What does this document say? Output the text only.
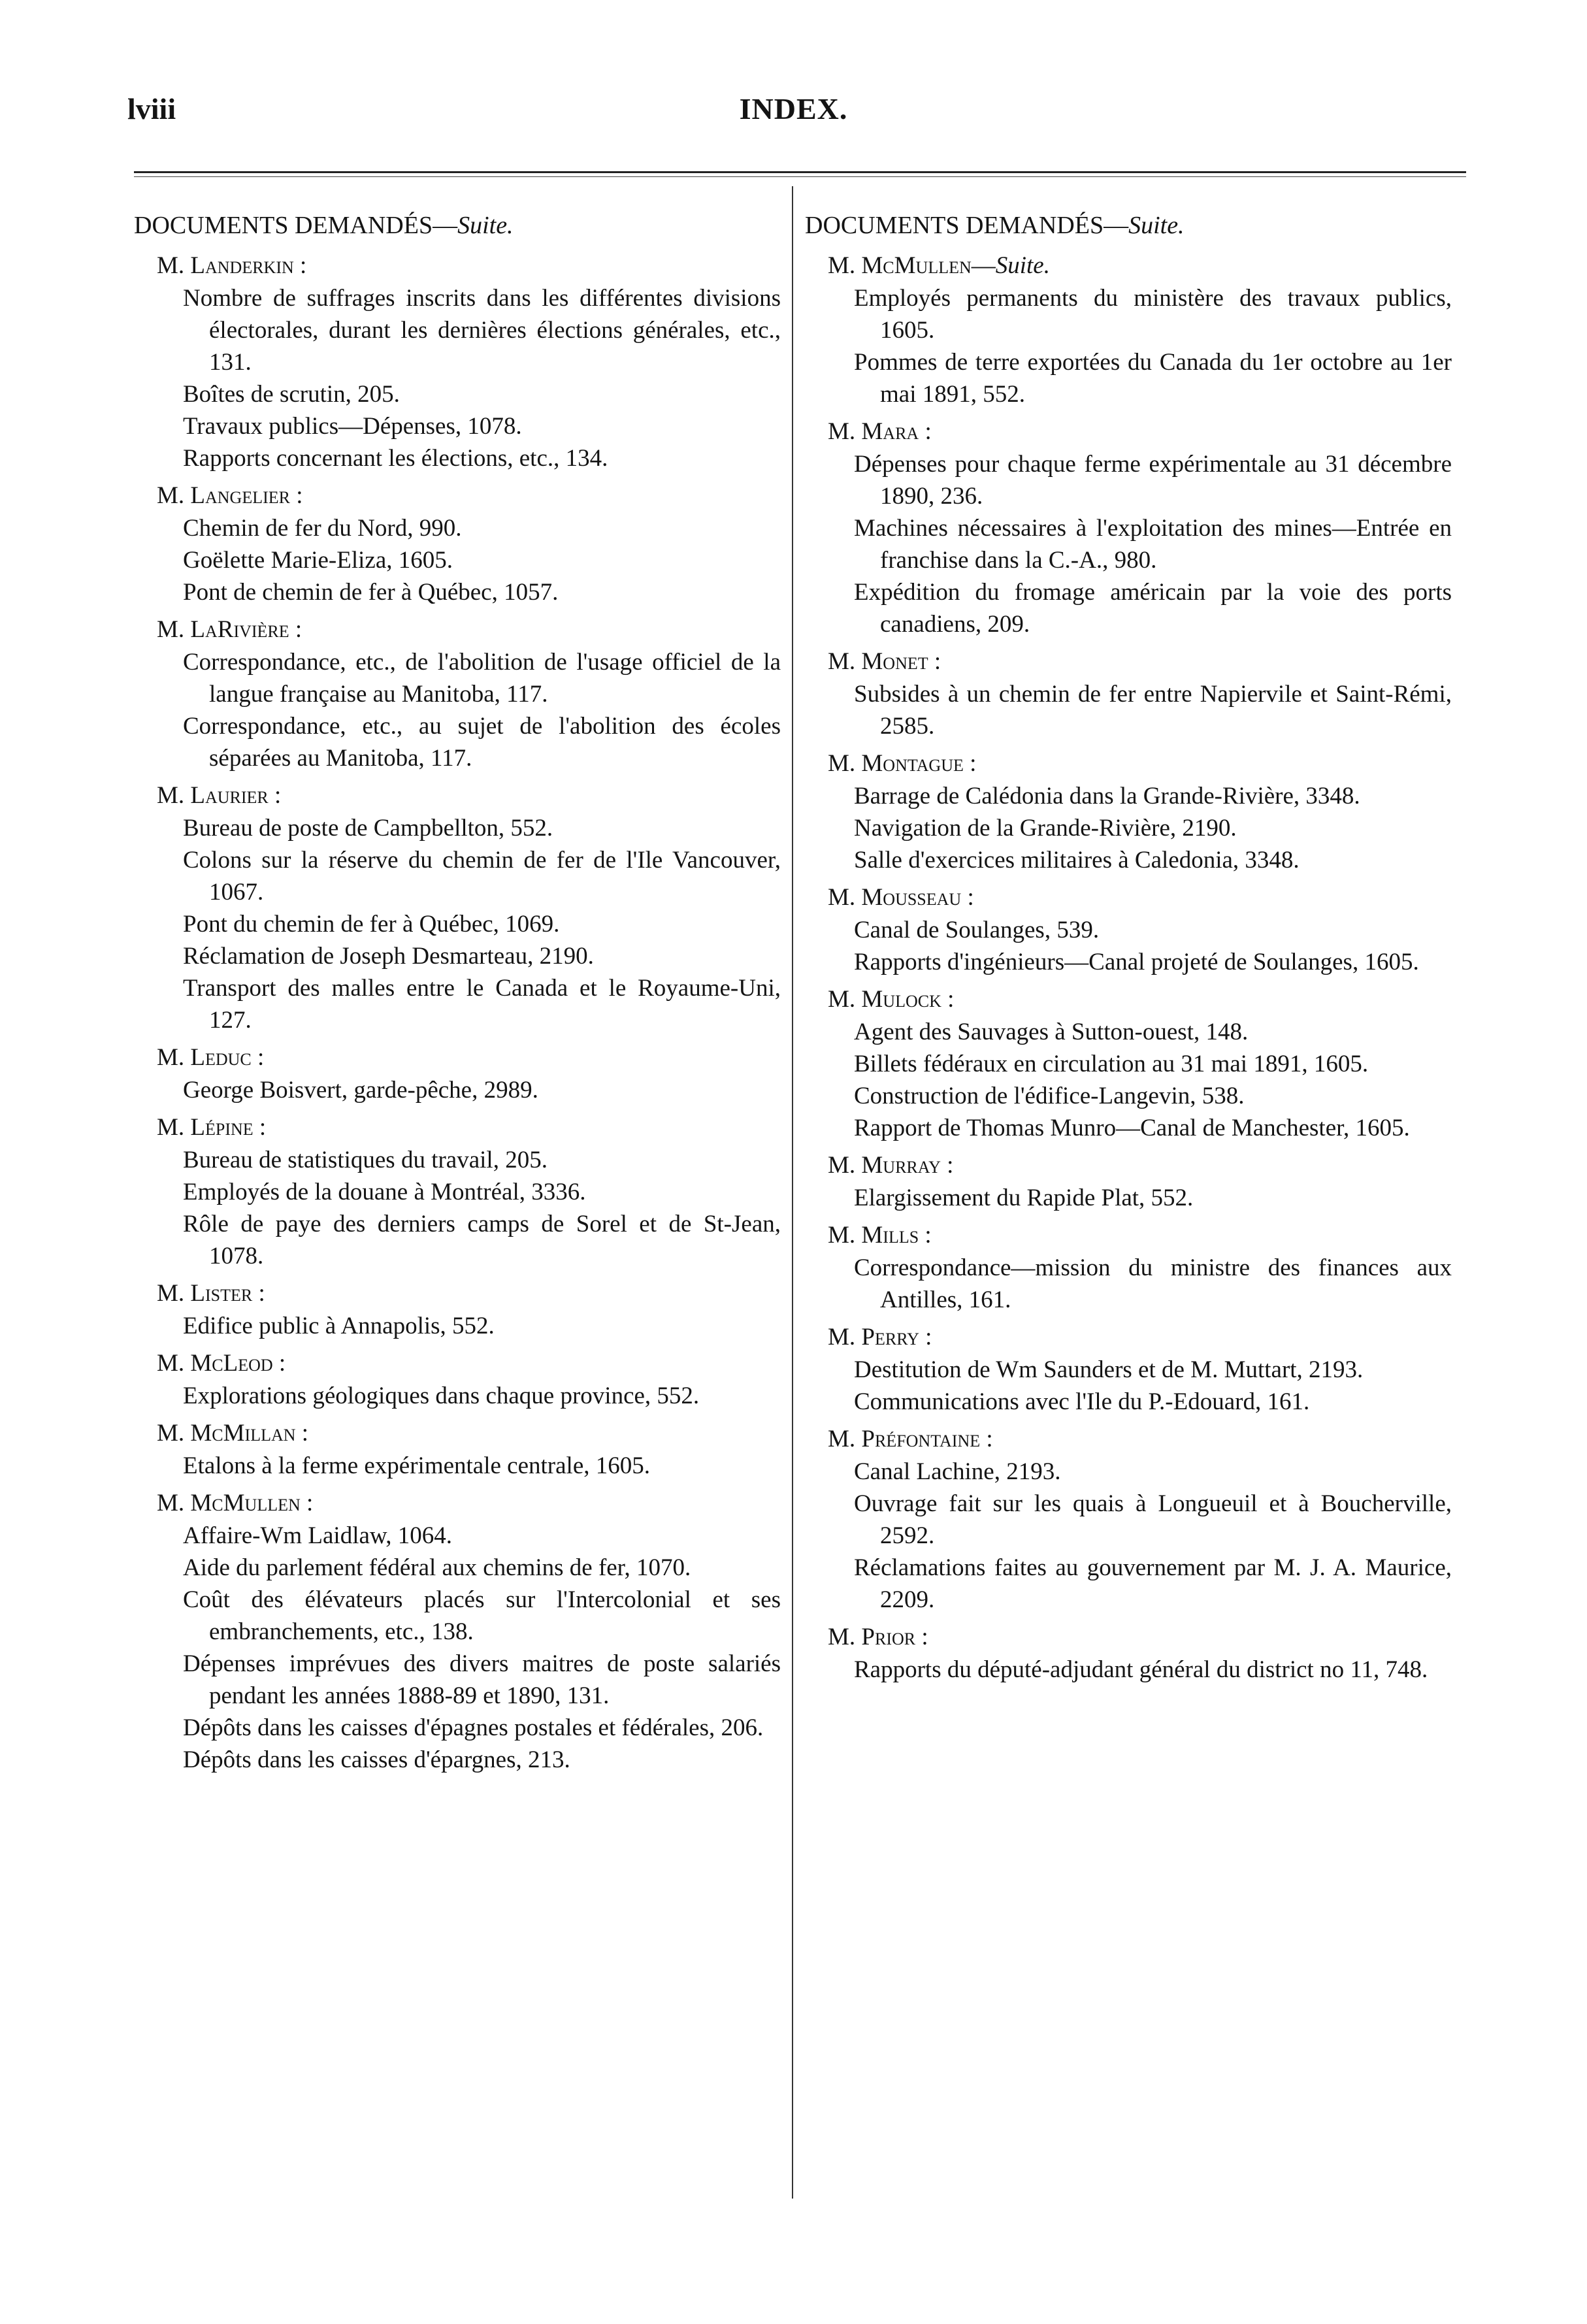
lviii	INDEX.
DOCUMENTS DEMANDÉS—Suite.
M. Landerkin :
Nombre de suffrages inscrits dans les différentes divisions électorales, durant les dernières élections générales, etc., 131.
Boîtes de scrutin, 205.
Travaux publics—Dépenses, 1078.
Rapports concernant les élections, etc., 134.
M. Langelier :
Chemin de fer du Nord, 990.
Goëlette Marie-Eliza, 1605.
Pont de chemin de fer à Québec, 1057.
M. LaRivière :
Correspondance, etc., de l'abolition de l'usage officiel de la langue française au Manitoba, 117.
Correspondance, etc., au sujet de l'abolition des écoles séparées au Manitoba, 117.
M. Laurier :
Bureau de poste de Campbellton, 552.
Colons sur la réserve du chemin de fer de l'Ile Vancouver, 1067.
Pont du chemin de fer à Québec, 1069.
Réclamation de Joseph Desmarteau, 2190.
Transport des malles entre le Canada et le Royaume-Uni, 127.
M. Leduc :
George Boisvert, garde-pêche, 2989.
M. Lépine :
Bureau de statistiques du travail, 205.
Employés de la douane à Montréal, 3336.
Rôle de paye des derniers camps de Sorel et de St-Jean, 1078.
M. Lister :
Edifice public à Annapolis, 552.
M. McLeod :
Explorations géologiques dans chaque province, 552.
M. McMillan :
Etalons à la ferme expérimentale centrale, 1605.
M. McMullen :
Affaire-Wm Laidlaw, 1064.
Aide du parlement fédéral aux chemins de fer, 1070.
Coût des élévateurs placés sur l'Intercolonial et ses embranchements, etc., 138.
Dépenses imprévues des divers maitres de poste salariés pendant les années 1888-89 et 1890, 131.
Dépôts dans les caisses d'épagnes postales et fédérales, 206.
Dépôts dans les caisses d'épargnes, 213.
DOCUMENTS DEMANDÉS—Suite.
M. McMullen—Suite.
Employés permanents du ministère des travaux publics, 1605.
Pommes de terre exportées du Canada du 1er octobre au 1er mai 1891, 552.
M. Mara :
Dépenses pour chaque ferme expérimentale au 31 décembre 1890, 236.
Machines nécessaires à l'exploitation des mines—Entrée en franchise dans la C.-A., 980.
Expédition du fromage américain par la voie des ports canadiens, 209.
M. Monet :
Subsides à un chemin de fer entre Napiervile et Saint-Rémi, 2585.
M. Montague :
Barrage de Calédonia dans la Grande-Rivière, 3348.
Navigation de la Grande-Rivière, 2190.
Salle d'exercices militaires à Caledonia, 3348.
M. Mousseau :
Canal de Soulanges, 539.
Rapports d'ingénieurs—Canal projeté de Soulanges, 1605.
M. Mulock :
Agent des Sauvages à Sutton-ouest, 148.
Billets fédéraux en circulation au 31 mai 1891, 1605.
Construction de l'édifice-Langevin, 538.
Rapport de Thomas Munro—Canal de Manchester, 1605.
M. Murray :
Elargissement du Rapide Plat, 552.
M. Mills :
Correspondance—mission du ministre des finances aux Antilles, 161.
M. Perry :
Destitution de Wm Saunders et de M. Muttart, 2193.
Communications avec l'Ile du P.-Edouard, 161.
M. Préfontaine :
Canal Lachine, 2193.
Ouvrage fait sur les quais à Longueuil et à Boucherville, 2592.
Réclamations faites au gouvernement par M. J. A. Maurice, 2209.
M. Prior :
Rapports du député-adjudant général du district no 11, 748.
